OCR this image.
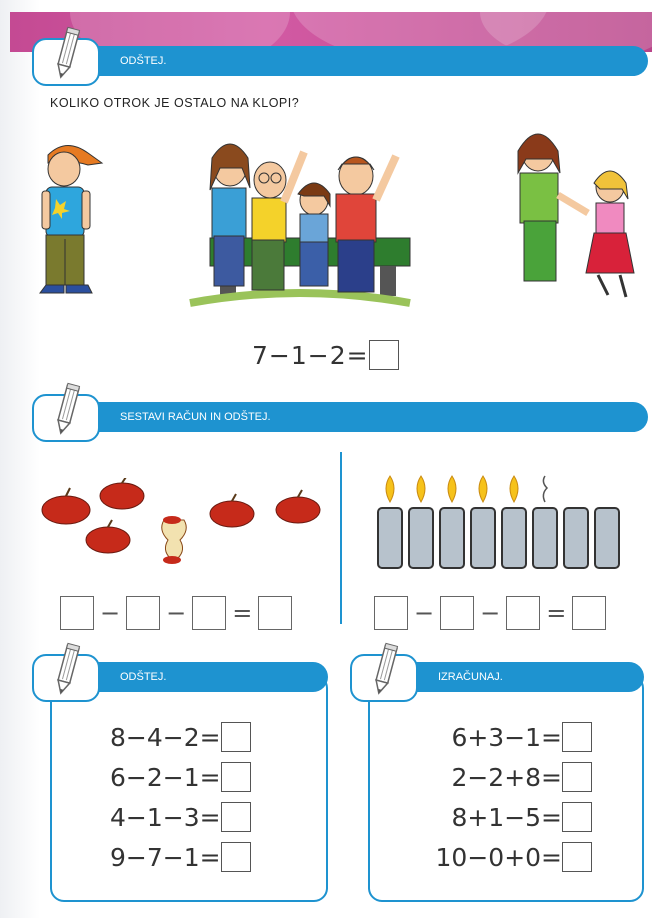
ODŠTEJ.
KOLIKO OTROK JE OSTALO NA KLOPI?
7−1−2=
SESTAVI RAČUN IN ODŠTEJ.
− − =	− − =
ODŠTEJ.
8−4−2=
6−2−1=
4−1−3=
9−7−1=
IZRAČUNAJ.
6+3−1=
2−2+8=
8+1−5=
10−0+0=
